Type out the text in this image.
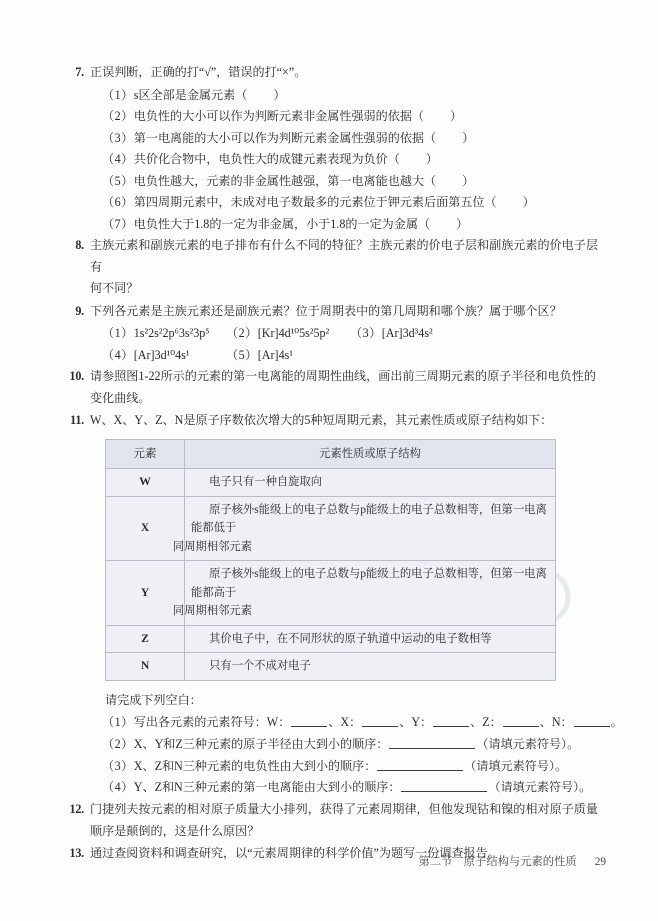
7. 正误判断，正确的打“√”，错误的打“×”。
（1）s区全部是金属元素（ ）
（2）电负性的大小可以作为判断元素非金属性强弱的依据（ ）
（3）第一电离能的大小可以作为判断元素金属性强弱的依据（ ）
（4）共价化合物中，电负性大的成键元素表现为负价（ ）
（5）电负性越大，元素的非金属性越强，第一电离能也越大（ ）
（6）第四周期元素中，未成对电子数最多的元素位于钾元素后面第五位（ ）
（7）电负性大于1.8的一定为非金属，小于1.8的一定为金属（ ）
8. 主族元素和副族元素的电子排布有什么不同的特征？主族元素的价电子层和副族元素的价电子层有
何不同？
9. 下列各元素是主族元素还是副族元素？位于周期表中的第几周期和哪个族？属于哪个区？
（1）1s²2s²2p⁶3s²3p⁵	（2）[Kr]4d¹⁰5s²5p²	（3）[Ar]3d³4s²
（4）[Ar]3d¹⁰4s¹	（5）[Ar]4s¹
10. 请参照图1-22所示的元素的第一电离能的周期性曲线，画出前三周期元素的原子半径和电负性的
变化曲线。
11. W、X、Y、Z、N是原子序数依次增大的5种短周期元素，其元素性质或原子结构如下：
元素	元素性质或原子结构
W	电子只有一种自旋取向
X	原子核外s能级上的电子总数与p能级上的电子总数相等，但第一电离能都低于
同周期相邻元素
Y	原子核外s能级上的电子总数与p能级上的电子总数相等，但第一电离能都高于
同周期相邻元素
Z	其价电子中，在不同形状的原子轨道中运动的电子数相等
N	只有一个不成对电子
请完成下列空白：
（1）写出各元素的元素符号：W：	、X：	、Y：	、Z：	、N：	。
（2）X、Y和Z三种元素的原子半径由大到小的顺序：	（请填元素符号）。
（3）X、Z和N三种元素的电负性由大到小的顺序：	（请填元素符号）。
（4）Y、Z和N三种元素的第一电离能由大到小的顺序：	（请填元素符号）。
12. 门捷列夫按元素的相对原子质量大小排列，获得了元素周期律，但他发现钴和镍的相对原子质量
顺序是颠倒的，这是什么原因？
13. 通过查阅资料和调查研究，以“元素周期律的科学价值”为题写一份调查报告。
第二节　原子结构与元素的性质 29
